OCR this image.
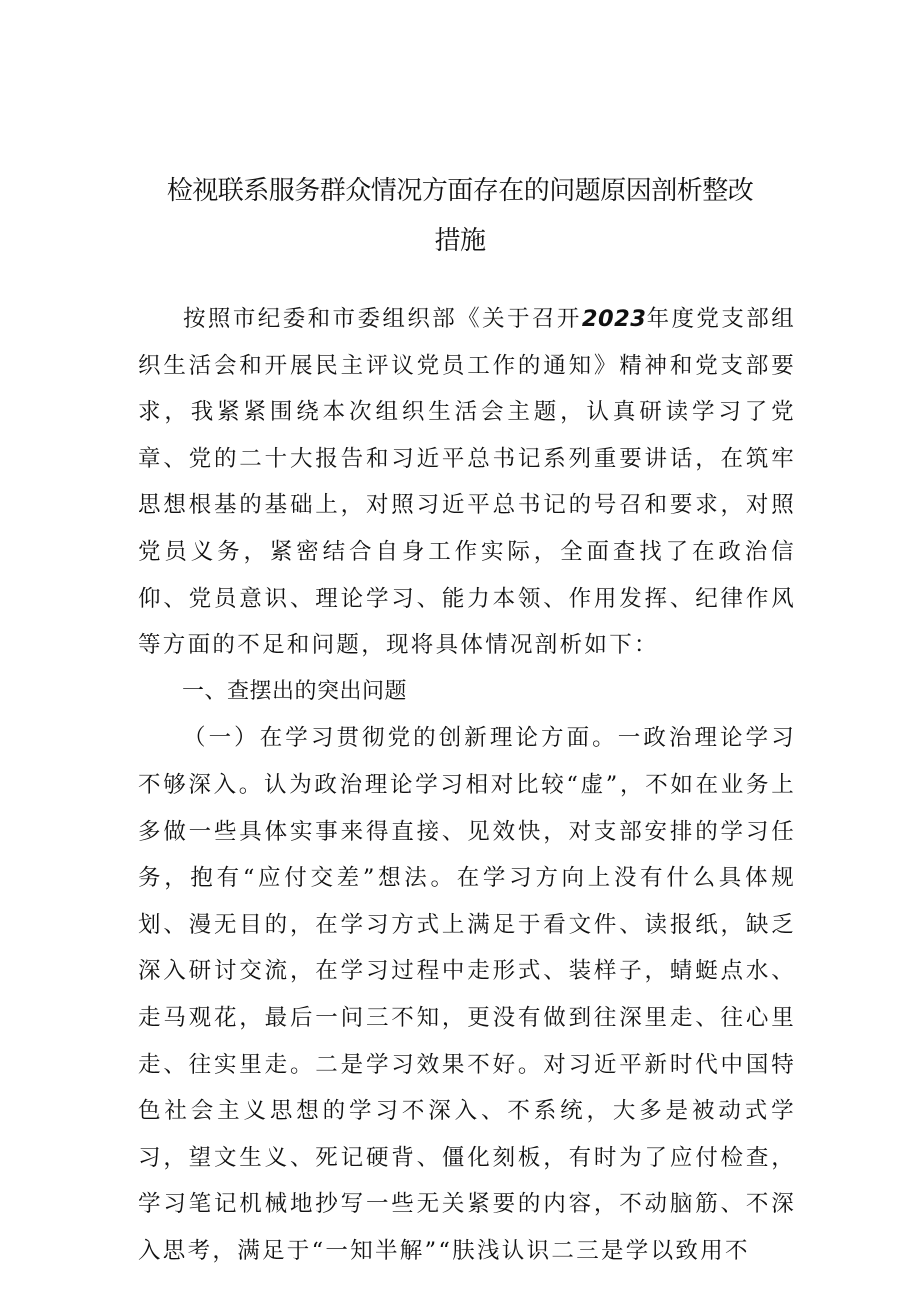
检视联系服务群众情况方面存在的问题原因剖析整改
措施

按照市纪委和市委组织部《关于召开2023年度党支部组织生活会和开展民主评议党员工作的通知》精神和党支部要求，我紧紧围绕本次组织生活会主题，认真研读学习了党章、党的二十大报告和习近平总书记系列重要讲话，在筑牢思想根基的基础上，对照习近平总书记的号召和要求，对照党员义务，紧密结合自身工作实际，全面查找了在政治信仰、党员意识、理论学习、能力本领、作用发挥、纪律作风等方面的不足和问题，现将具体情况剖析如下：

一、查摆出的突出问题

（一）在学习贯彻党的创新理论方面。一政治理论学习不够深入。认为政治理论学习相对比较“虚”，不如在业务上多做一些具体实事来得直接、见效快，对支部安排的学习任务，抱有“应付交差”想法。在学习方向上没有什么具体规划、漫无目的，在学习方式上满足于看文件、读报纸，缺乏深入研讨交流，在学习过程中走形式、装样子，蜻蜓点水、走马观花，最后一问三不知，更没有做到往深里走、往心里走、往实里走。二是学习效果不好。对习近平新时代中国特色社会主义思想的学习不深入、不系统，大多是被动式学习，望文生义、死记硬背、僵化刻板，有时为了应付检查，学习笔记机械地抄写一些无关紧要的内容，不动脑筋、不深入思考，满足于“一知半解”“肤浅认识二三是学以致用不
